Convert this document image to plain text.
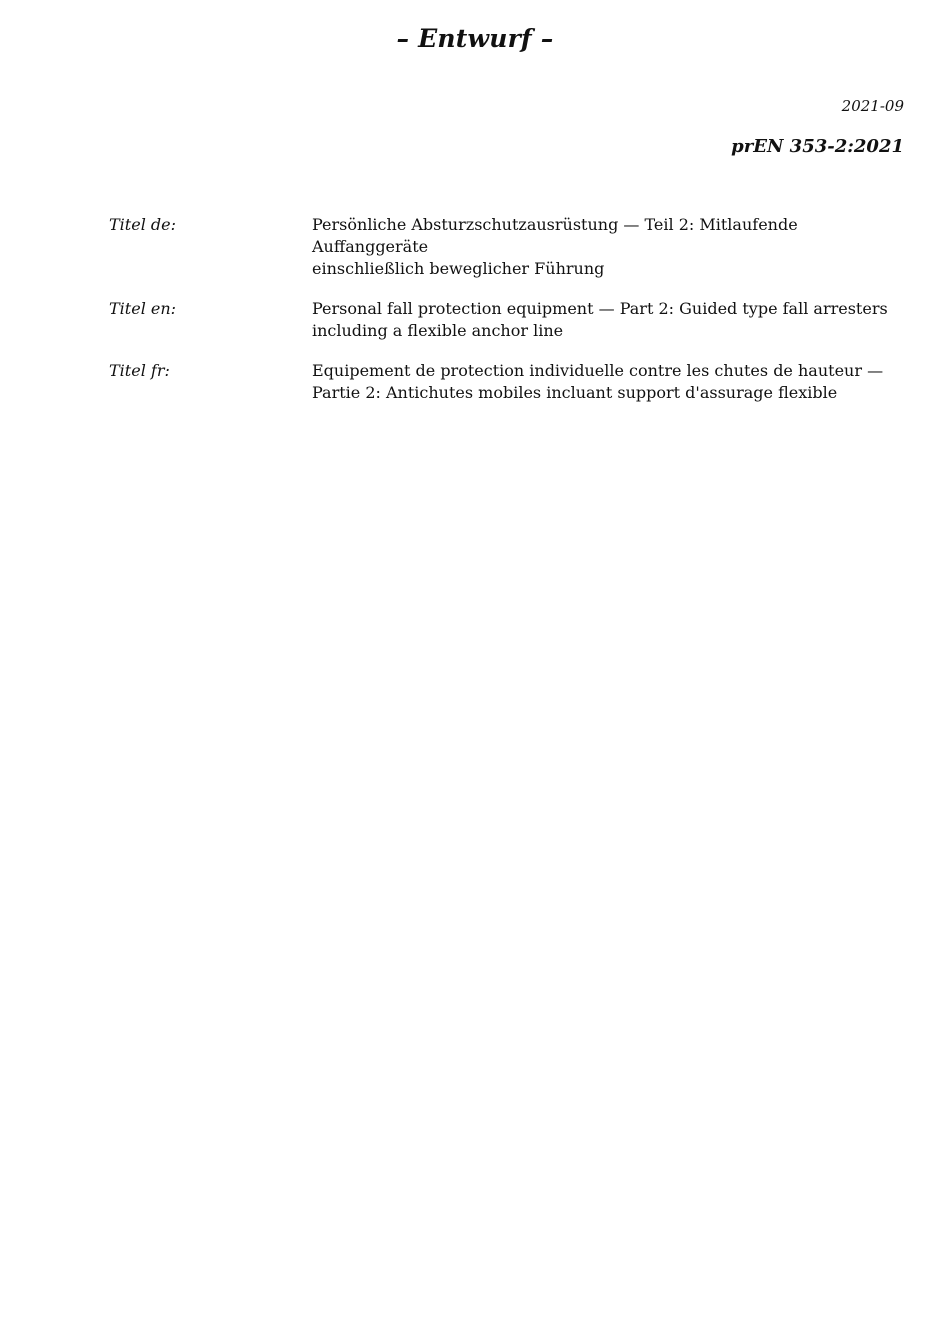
– Entwurf –
2021-09
prEN 353-2:2021
Titel de:	Persönliche Absturzschutzausrüstung — Teil 2: Mitlaufende Auffanggeräte
einschließlich beweglicher Führung
Titel en:	Personal fall protection equipment — Part 2: Guided type fall arresters
including a flexible anchor line
Titel fr:	Equipement de protection individuelle contre les chutes de hauteur —
Partie 2: Antichutes mobiles incluant support d'assurage flexible
